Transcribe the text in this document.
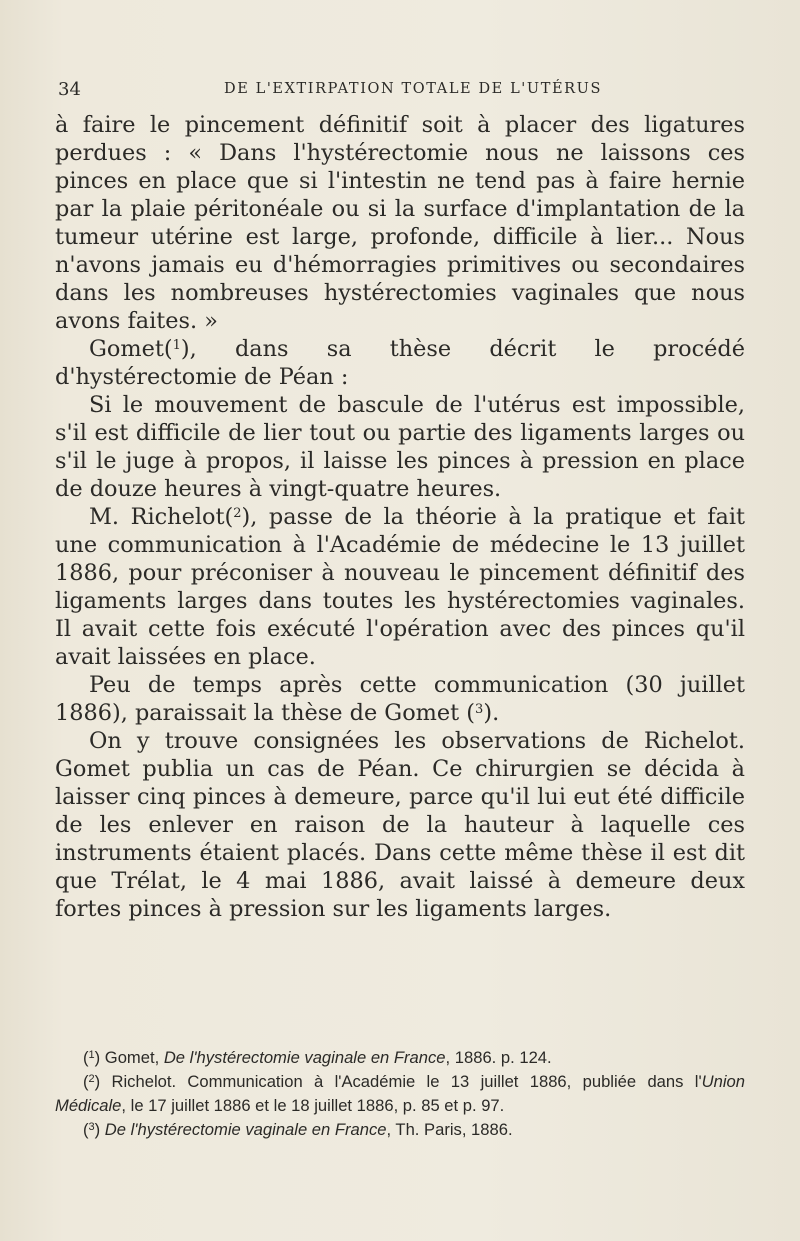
34	DE L'EXTIRPATION TOTALE DE L'UTÉRUS

à faire le pincement définitif soit à placer des ligatures perdues : « Dans l'hystérectomie nous ne laissons ces pinces en place que si l'intestin ne tend pas à faire hernie par la plaie péritonéale ou si la surface d'implantation de la tumeur utérine est large, profonde, difficile à lier... Nous n'avons jamais eu d'hémorragies primitives ou secondaires dans les nombreuses hystérectomies vaginales que nous avons faites. »

Gomet($^1$), dans sa thèse décrit le procédé d'hystérectomie de Péan :

Si le mouvement de bascule de l'utérus est impossible, s'il est difficile de lier tout ou partie des ligaments larges ou s'il le juge à propos, il laisse les pinces à pression en place de douze heures à vingt-quatre heures.

M. Richelot($^2$), passe de la théorie à la pratique et fait une communication à l'Académie de médecine le 13 juillet 1886, pour préconiser à nouveau le pincement définitif des ligaments larges dans toutes les hystérectomies vaginales. Il avait cette fois exécuté l'opération avec des pinces qu'il avait laissées en place.

Peu de temps après cette communication (30 juillet 1886), paraissait la thèse de Gomet ($^3$).

On y trouve consignées les observations de Richelot. Gomet publia un cas de Péan. Ce chirurgien se décida à laisser cinq pinces à demeure, parce qu'il lui eut été difficile de les enlever en raison de la hauteur à laquelle ces instruments étaient placés. Dans cette même thèse il est dit que Trélat, le 4 mai 1886, avait laissé à demeure deux fortes pinces à pression sur les ligaments larges.

($^1$) Gomet, De l'hystérectomie vaginale en France, 1886. p. 124.

($^2$) Richelot. Communication à l'Académie le 13 juillet 1886, publiée dans l'Union Médicale, le 17 juillet 1886 et le 18 juillet 1886, p. 85 et p. 97.

($^3$) De l'hystérectomie vaginale en France, Th. Paris, 1886.
